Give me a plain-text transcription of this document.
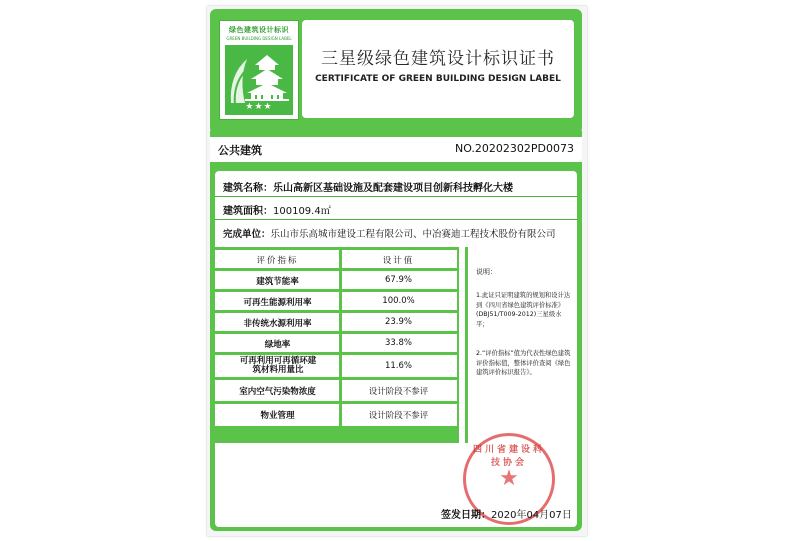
绿色建筑设计标识
GREEN BUILDING DESIGN LABEL
★★★
三星级绿色建筑设计标识证书
CERTIFICATE OF GREEN BUILDING DESIGN LABEL
公共建筑	NO.20202302PD0073
建筑名称：乐山高新区基础设施及配套建设项目创新科技孵化大楼
建筑面积：100109.4㎡
完成单位：乐山市乐高城市建设工程有限公司、中冶赛迪工程技术股份有限公司
评价指标	设计值
建筑节能率	67.9%
可再生能源利用率	100.0%
非传统水源利用率	23.9%
绿地率	33.8%
可再利用可再循环建筑材料用量比	11.6%
室内空气污染物浓度	设计阶段不参评
物业管理	设计阶段不参评
说明：
1.此证只证明建筑的规划和设计达到《四川省绿色建筑评价标准》(DBJ51/T009-2012)三星级水平；
2.“评价指标”值为代表性绿色建筑评价指标值，整体评价查阅《绿色建筑评价标识报告》。
四川省建设科技协会
★
签发日期：2020年04月07日
